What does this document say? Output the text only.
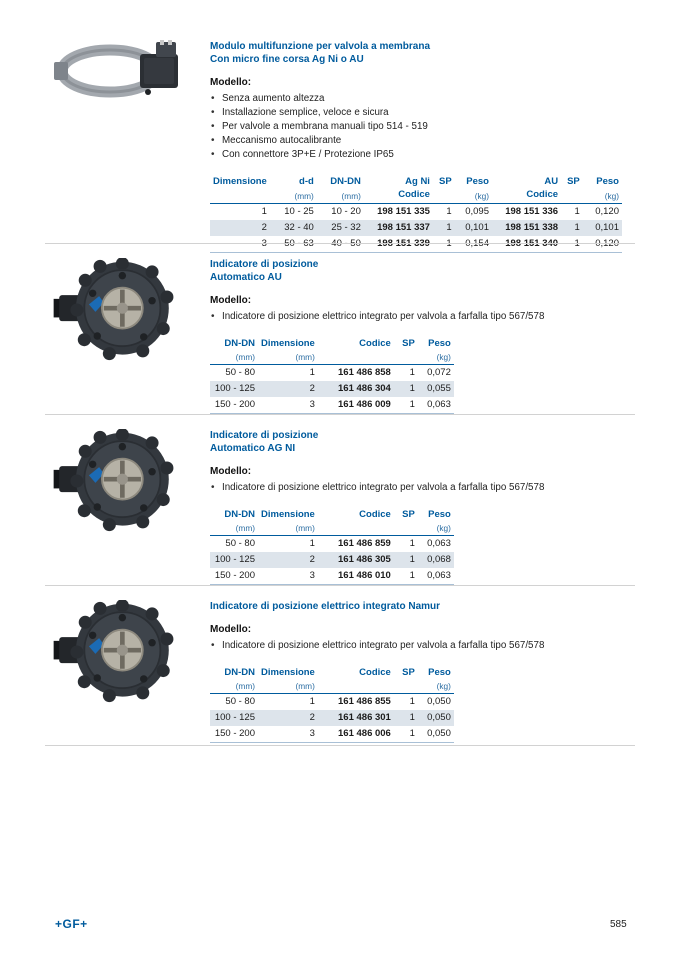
Modulo multifunzione per valvola a membrana
Con micro fine corsa Ag Ni o AU
Modello:
• Senza aumento altezza
• Installazione semplice, veloce e sicura
• Per valvole a membrana manuali tipo 514 - 519
• Meccanismo autocalibrante
• Con connettore 3P+E / Protezione IP65
Dimensione	d-d	DN-DN	Ag Ni	SP	Peso	AU	SP	Peso
	(mm)	(mm)	Codice		(kg)	Codice		(kg)
1	10 - 25	10 - 20	198 151 335	1	0,095	198 151 336	1	0,120
2	32 - 40	25 - 32	198 151 337	1	0,101	198 151 338	1	0,101
3	50 - 63	40 - 50	198 151 339	1	0,154	198 151 340	1	0,120
Indicatore di posizione
Automatico AU
Modello:
• Indicatore di posizione elettrico integrato per valvola a farfalla tipo 567/578
DN-DN	Dimensione	Codice	SP	Peso
(mm)	(mm)			(kg)
50 - 80	1	161 486 858	1	0,072
100 - 125	2	161 486 304	1	0,055
150 - 200	3	161 486 009	1	0,063
Indicatore di posizione
Automatico AG NI
Modello:
• Indicatore di posizione elettrico integrato per valvola a farfalla tipo 567/578
DN-DN	Dimensione	Codice	SP	Peso
(mm)	(mm)			(kg)
50 - 80	1	161 486 859	1	0,063
100 - 125	2	161 486 305	1	0,068
150 - 200	3	161 486 010	1	0,063
Indicatore di posizione elettrico integrato Namur
Modello:
• Indicatore di posizione elettrico integrato per valvola a farfalla tipo 567/578
DN-DN	Dimensione	Codice	SP	Peso
(mm)	(mm)			(kg)
50 - 80	1	161 486 855	1	0,050
100 - 125	2	161 486 301	1	0,050
150 - 200	3	161 486 006	1	0,050
+GF+	585
